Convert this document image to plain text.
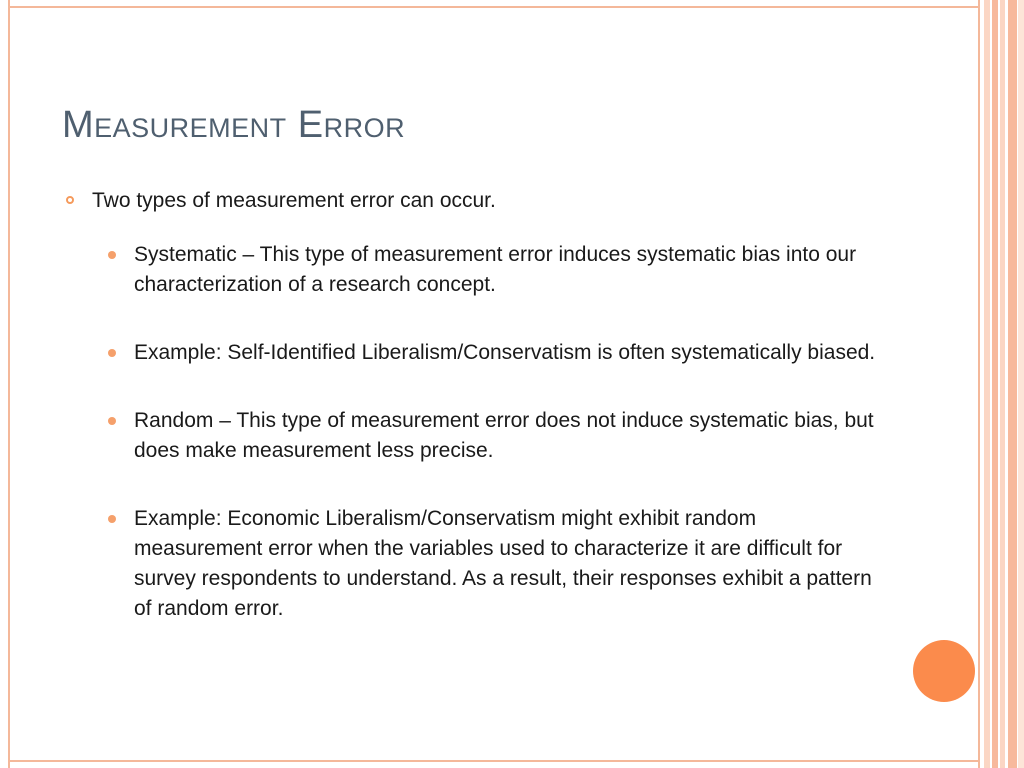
Measurement Error
Two types of measurement error can occur.
Systematic – This type of measurement error induces systematic bias into our characterization of a research concept.
Example: Self-Identified Liberalism/Conservatism is often systematically biased.
Random – This type of measurement error does not induce systematic bias, but does make measurement less precise.
Example: Economic Liberalism/Conservatism might exhibit random measurement error when the variables used to characterize it are difficult for survey respondents to understand. As a result, their responses exhibit a pattern of random error.
